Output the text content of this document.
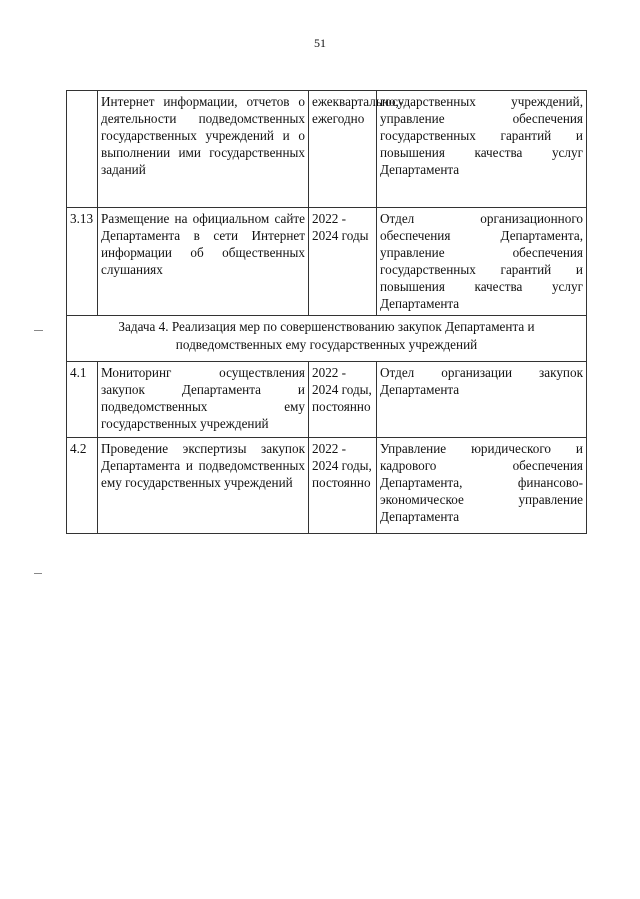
51
	Интернет информации, отчетов о деятельности подведомственных государственных учреждений и о выполнении ими государственных заданий	ежеквартально,- ежегодно	государственных учреждений, управление обеспечения государственных гарантий и повышения качества услуг Департамента
3.13	Размещение на официальном сайте Департамента в сети Интернет информации об общественных слушаниях	2022 - 2024 годы	Отдел организационного обеспечения Департамента, управление обеспечения государственных гарантий и повышения качества услуг Департамента
Задача 4. Реализация мер по совершенствованию закупок Департамента и подведомственных ему государственных учреждений			
4.1	Мониторинг осуществления закупок Департамента и подведомственных ему государственных учреждений	2022 - 2024 годы, постоянно	Отдел организации закупок Департамента
4.2	Проведение экспертизы закупок Департамента и подведомственных ему государственных учреждений	2022 - 2024 годы, постоянно	Управление юридического и кадрового обеспечения Департамента, финансово-экономическое управление Департамента
